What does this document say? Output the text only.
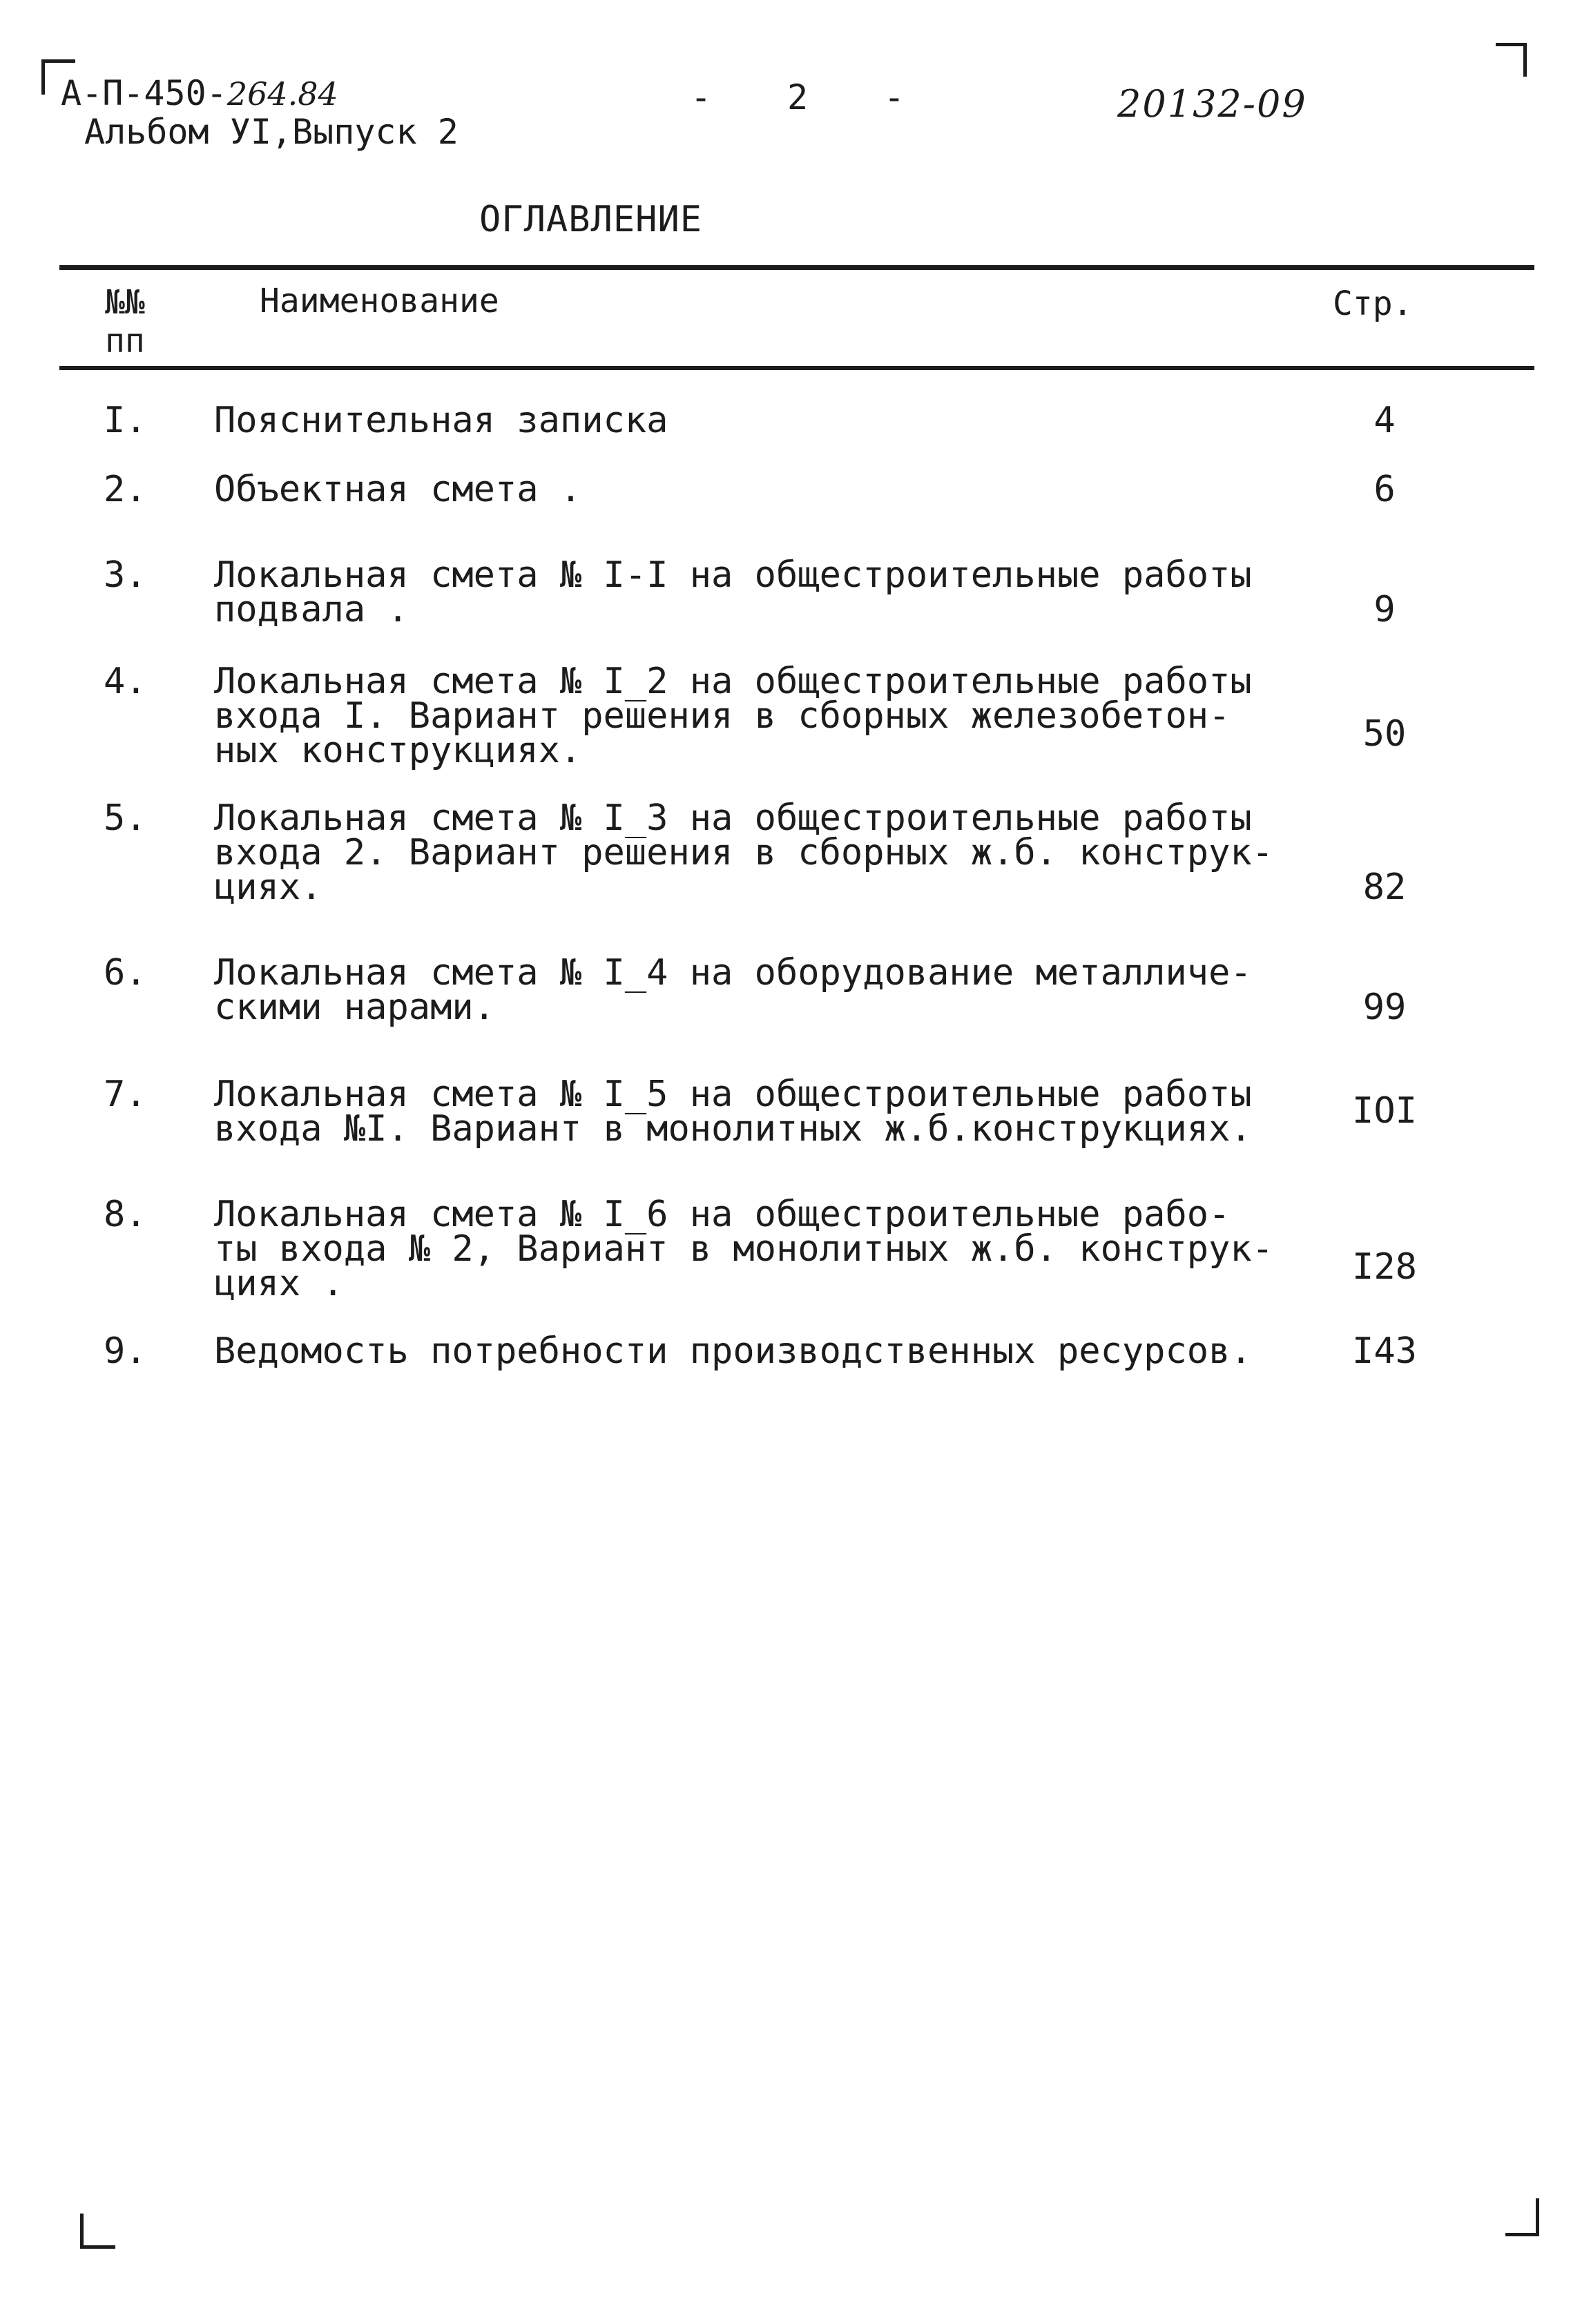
А-П-450-264.84
Альбом УI,Выпуск 2
- 2 -	20132-09
ОГЛАВЛЕНИЕ
№№
пп
Наименование	Стр.
I. Пояснительная записка	4
2. Объектная смета .	6
3. Локальная смета № I-I на общестроительные работы
подвала .	9
4. Локальная смета № I_2 на общестроительные работы
входа I. Вариант решения в сборных железобетон-
ных конструкциях.	50
5. Локальная смета № I_3 на общестроительные работы
входа 2. Вариант решения в сборных ж.б. конструк-
циях.	82
6. Локальная смета № I_4 на оборудование металличе-
скими нарами.	99
7. Локальная смета № I_5 на общестроительные работы
входа №I. Вариант в монолитных ж.б.конструкциях.	IOI
8. Локальная смета № I_6 на общестроительные рабо-
ты входа № 2, Вариант в монолитных ж.б. конструк-
циях .	I28
9. Ведомость потребности производственных ресурсов.	I43
